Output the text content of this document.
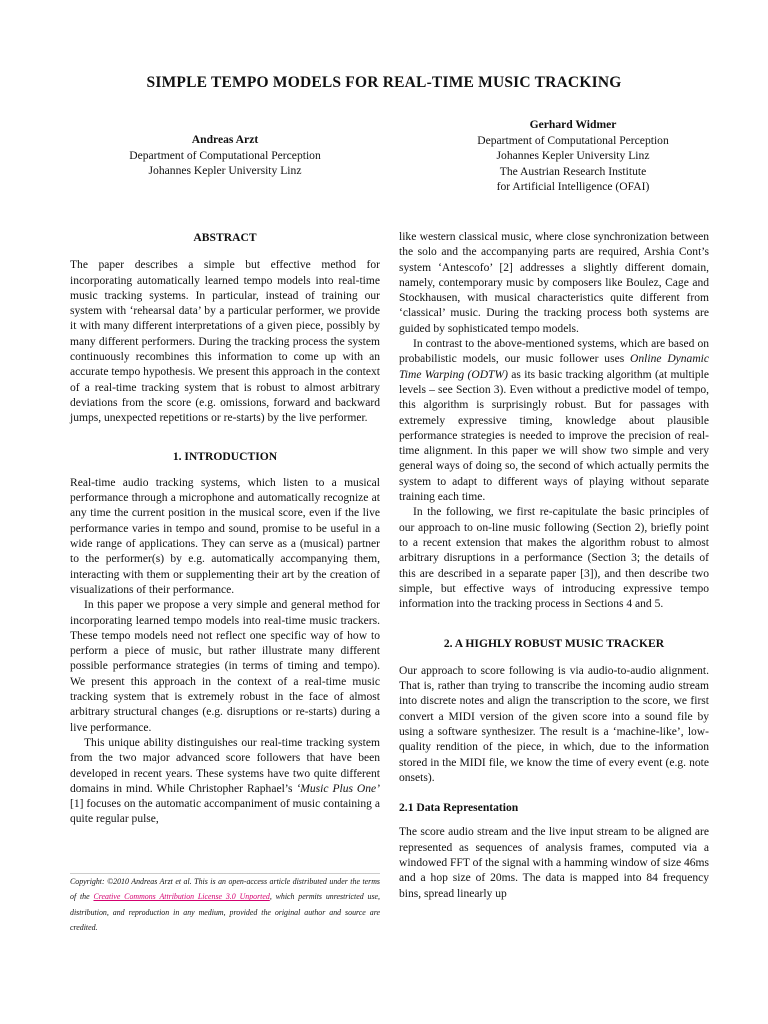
SIMPLE TEMPO MODELS FOR REAL-TIME MUSIC TRACKING
Andreas Arzt
Department of Computational Perception
Johannes Kepler University Linz
Gerhard Widmer
Department of Computational Perception
Johannes Kepler University Linz
The Austrian Research Institute
for Artificial Intelligence (OFAI)
ABSTRACT

The paper describes a simple but effective method for incorporating automatically learned tempo models into real-time music tracking systems. In particular, instead of training our system with ‘rehearsal data’ by a particular performer, we provide it with many different interpretations of a given piece, possibly by many different performers. During the tracking process the system continuously recombines this information to come up with an accurate tempo hypothesis. We present this approach in the context of a real-time tracking system that is robust to almost arbitrary deviations from the score (e.g. omissions, forward and backward jumps, unexpected repetitions or re-starts) by the live performer.

1. INTRODUCTION

Real-time audio tracking systems, which listen to a musical performance through a microphone and automatically recognize at any time the current position in the musical score, even if the live performance varies in tempo and sound, promise to be useful in a wide range of applications. They can serve as a (musical) partner to the performer(s) by e.g. automatically accompanying them, interacting with them or supplementing their art by the creation of visualizations of their performance.

In this paper we propose a very simple and general method for incorporating learned tempo models into real-time music trackers. These tempo models need not reflect one specific way of how to perform a piece of music, but rather illustrate many different possible performance strategies (in terms of timing and tempo). We present this approach in the context of a real-time music tracking system that is extremely robust in the face of almost arbitrary structural changes (e.g. disruptions or re-starts) during a live performance.

This unique ability distinguishes our real-time tracking system from the two major advanced score followers that have been developed in recent years. These systems have two quite different domains in mind. While Christopher Raphael’s ‘Music Plus One’ [1] focuses on the automatic accompaniment of music containing a quite regular pulse,

Copyright: ©2010 Andreas Arzt et al. This is an open-access article distributed under the terms of the Creative Commons Attribution License 3.0 Unported, which permits unrestricted use, distribution, and reproduction in any medium, provided the original author and source are credited.

like western classical music, where close synchronization between the solo and the accompanying parts are required, Arshia Cont’s system ‘Antescofo’ [2] addresses a slightly different domain, namely, contemporary music by composers like Boulez, Cage and Stockhausen, with musical characteristics quite different from ‘classical’ music. During the tracking process both systems are guided by sophisticated tempo models.

In contrast to the above-mentioned systems, which are based on probabilistic models, our music follower uses Online Dynamic Time Warping (ODTW) as its basic tracking algorithm (at multiple levels – see Section 3). Even without a predictive model of tempo, this algorithm is surprisingly robust. But for passages with extremely expressive timing, knowledge about plausible performance strategies is needed to improve the precision of real-time alignment. In this paper we will show two simple and very general ways of doing so, the second of which actually permits the system to adapt to different ways of playing without separate training each time.

In the following, we first re-capitulate the basic principles of our approach to on-line music following (Section 2), briefly point to a recent extension that makes the algorithm robust to almost arbitrary disruptions in a performance (Section 3; the details of this are described in a separate paper [3]), and then describe two simple, but effective ways of introducing expressive tempo information into the tracking process in Sections 4 and 5.

2. A HIGHLY ROBUST MUSIC TRACKER

Our approach to score following is via audio-to-audio alignment. That is, rather than trying to transcribe the incoming audio stream into discrete notes and align the transcription to the score, we first convert a MIDI version of the given score into a sound file by using a software synthesizer. The result is a ‘machine-like’, low-quality rendition of the piece, in which, due to the information stored in the MIDI file, we know the time of every event (e.g. note onsets).

2.1 Data Representation

The score audio stream and the live input stream to be aligned are represented as sequences of analysis frames, computed via a windowed FFT of the signal with a hamming window of size 46ms and a hop size of 20ms. The data is mapped into 84 frequency bins, spread linearly up
